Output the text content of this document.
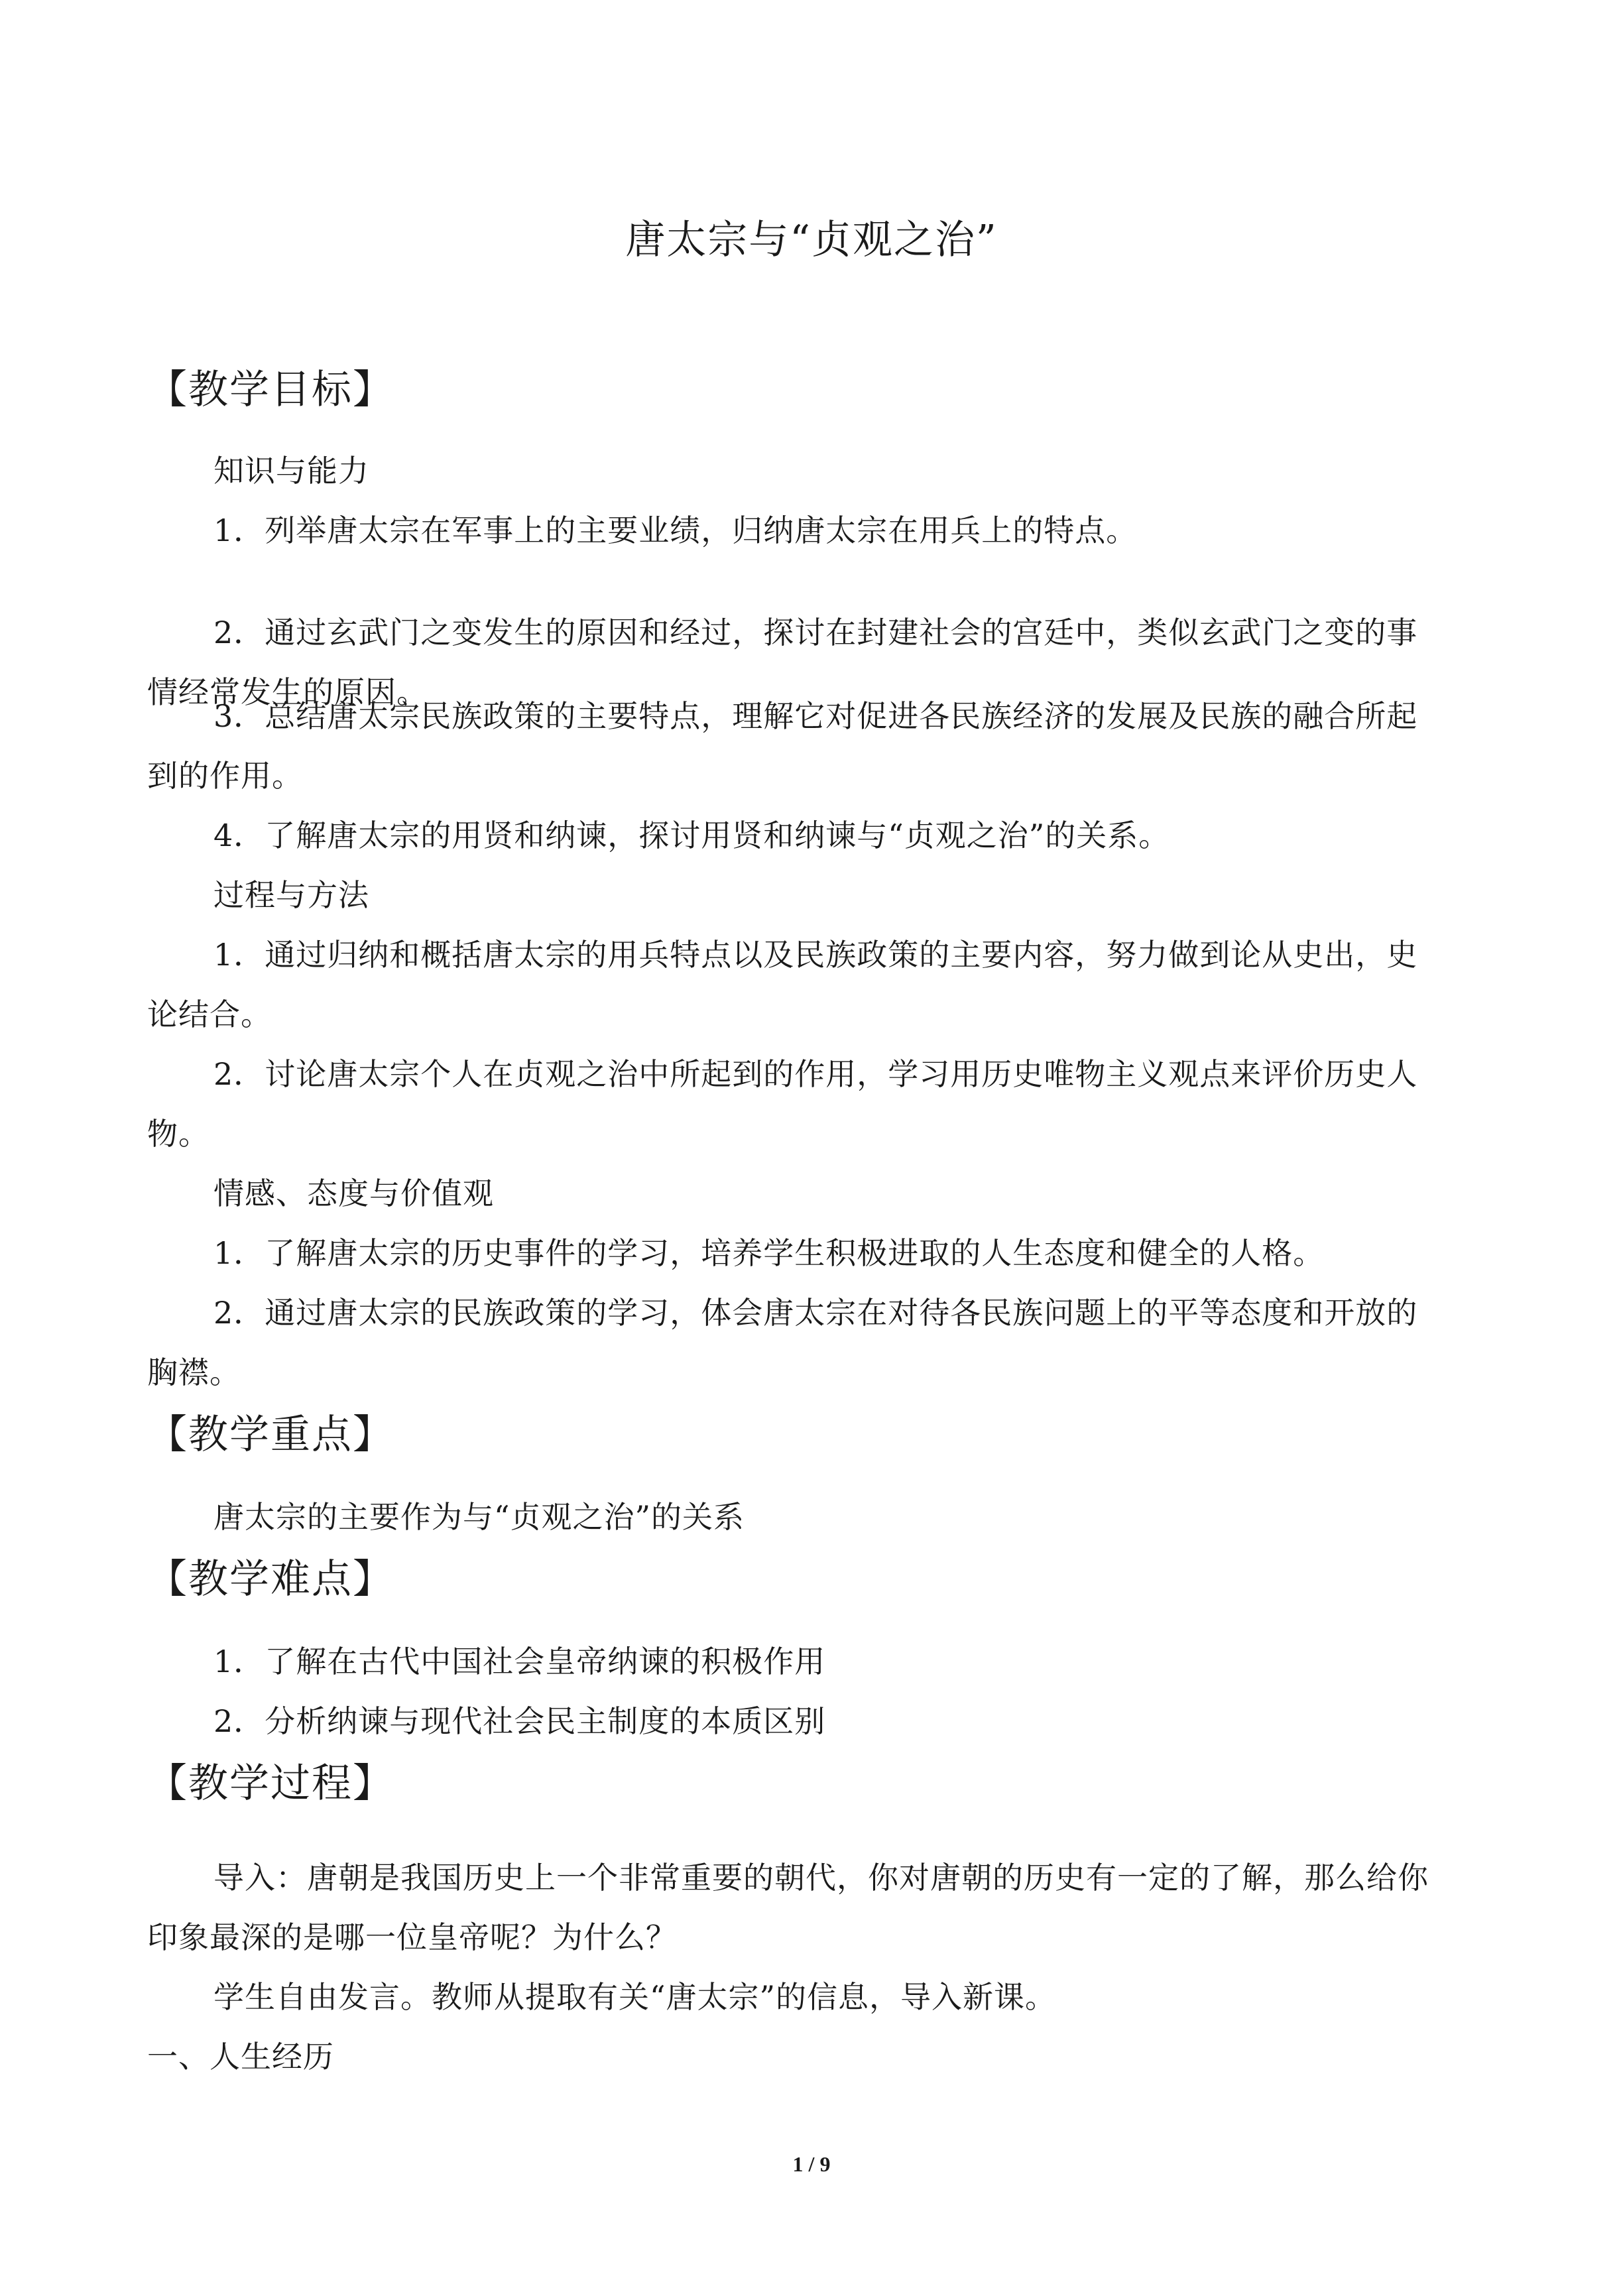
唐太宗与“贞观之治”
【教学目标】
知识与能力
1．列举唐太宗在军事上的主要业绩，归纳唐太宗在用兵上的特点。
2．通过玄武门之变发生的原因和经过，探讨在封建社会的宫廷中，类似玄武门之变的事
情经常发生的原因。
3．总结唐太宗民族政策的主要特点，理解它对促进各民族经济的发展及民族的融合所起
到的作用。
4．了解唐太宗的用贤和纳谏，探讨用贤和纳谏与“贞观之治”的关系。
过程与方法
1．通过归纳和概括唐太宗的用兵特点以及民族政策的主要内容，努力做到论从史出，史
论结合。
2．讨论唐太宗个人在贞观之治中所起到的作用，学习用历史唯物主义观点来评价历史人
物。
情感、态度与价值观
1．了解唐太宗的历史事件的学习，培养学生积极进取的人生态度和健全的人格。
2．通过唐太宗的民族政策的学习，体会唐太宗在对待各民族问题上的平等态度和开放的
胸襟。
【教学重点】
唐太宗的主要作为与“贞观之治”的关系
【教学难点】
1．了解在古代中国社会皇帝纳谏的积极作用
2．分析纳谏与现代社会民主制度的本质区别
【教学过程】
导入：唐朝是我国历史上一个非常重要的朝代，你对唐朝的历史有一定的了解，那么给你
印象最深的是哪一位皇帝呢？为什么？
学生自由发言。教师从提取有关“唐太宗”的信息，导入新课。
一、人生经历
1 / 9
